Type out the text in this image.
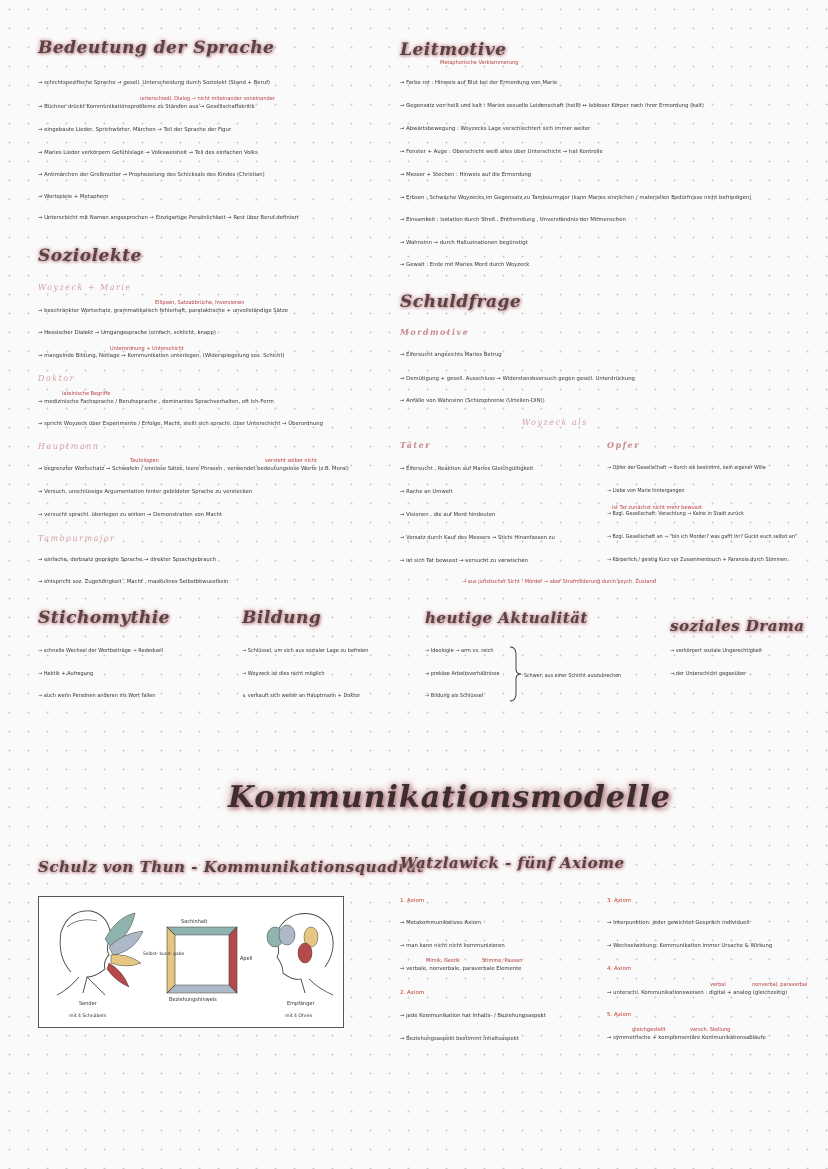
Bedeutung der Sprache
→ schichtspezifische Sprache → gesell. Unterscheidung durch Soziolekt (Stand + Beruf)
unterschiedl. Dialog → nicht miteinander voneinander
→ Büchner drückt Kommunikationsprobleme zu Ständen aus → Gesellschaftskritik
→ eingebaute Lieder, Sprichwörter, Märchen → Teil der Sprache der Figur
→ Maries Lieder verkörpern Gefühlslage → Volksweisheit → Teil des einfachen Volks
→ Antimärchen der Großmutter → Prophezeiung des Schicksals des Kindes (Christian)
→ Wortspiele + Metaphern
→ Unterschicht mit Namen angesprochen → Einzigartige Persönlichkeit → Rest über Beruf definiert
Soziolekte
Woyzeck + Marie
Ellipsen, Satzabbrüche, Inversionen
→ beschränkter Wortschatz, grammatikalisch fehlerhaft, parataktische + unvollständige Sätze
→ Hessischer Dialekt → Umgangssprache (einfach, schlicht, knapp)
Unterordnung + Unterschicht
→ mangelnde Bildung, Notlage → Kommunikation unterlegen, (Widerspiegelung soz. Schicht)
Doktor
lateinische Begriffe
→ medizinische Fachsprache / Berufssprache , dominantes Sprachverhalten, oft Ich-Form
→ spricht Woyzeck über Experimente / Erfolge, Macht, stellt sich sprachl. über Unterschicht → Überordnung
Hauptmann
Tautologien	versteht selber nicht
→ begrenzter Wortschatz → Schwafeln / sinnlose Sätze, leere Phrasen , verwendet bedeutungslose Worte (z.B. Moral)
→ Versuch, unschlüssige Argumentation hinter gebildeter Sprache zu verstecken
→ versucht sprachl. überlegen zu wirken → Demonstration von Macht
Tambourmajor
→ einfache, derbsatz geprägte Sprache → direkter Sprachgebrauch
→ entspricht soz. Zugehörigkeit , Macht , maskulines Selbstbewusstsein
Leitmotive
Metaphorische Verklammerung
→ Farbe rot : Hinweis auf Blut bei der Ermordung von Marie
→ Gegensatz von heiß und kalt : Maries sexuelle Leidenschaft (heiß) ↔ lebloser Körper nach ihrer Ermordung (kalt)
→ Abwärtsbewegung : Woyzecks Lage verschlechtert sich immer weiter
→ Fenster + Auge : Oberschicht weiß alles über Unterschicht → hat Kontrolle
→ Messer + Stechen : Hinweis auf die Ermordung
→ Erbsen : Schwäche Woyzecks im Gegensatz zu Tambourmajor (kann Maries sinnlichen / materiellen Bedürfnisse nicht befriedigen)
→ Einsamkeit : Isolation durch Streß , Entfremdung , Unverständnis der Mitmenschen
→ Wahnsinn → durch Halluzinationen begünstigt
→ Gewalt : Ende mit Maries Mord durch Woyzeck
Schuldfrage
Mordmotive
→ Eifersucht angesichts Maries Betrug
→ Demütigung + gesell. Ausschluss → Widerstandsversuch gegen gesell. Unterdrückung
→ Anfälle von Wahnsinn (Schizophrenie (Urteilen-DIN))
Woyzeck als
Täter
→ Eifersucht , Reaktion auf Maries Gleichgültigkeit
→ Rache an Umwelt
→ Visionen , die auf Mord hindeuten
→ Vorsatz durch Kauf des Messers → Stichi Hinanfassen zu
→ ist sich Tat bewusst → versucht zu verwischen
Opfer
→ Opfer der Gesellschaft → durch sie bestimmt, kein eigener Wille
→ Liebe von Marie hintergangen
ist Tat zunächst nicht mehr bewusst
→ Bzgl. Gesellschaft: Verachtung → Keine in Stadt zurück
→ Bzgl. Gesellschaft an → "bin ich Morder? was gafft ihr? Guckt euch selbst an"
→ Körperlich / geistig Kurz vor Zusammenbruch + Paranoia durch Stimmen
→ aus juristischer Sicht : Mörder → aber Strafmilderung durch psych. Zustand
Stichomythie
→ schnelle Wechsel der Wortbeiträge → Rededuell
→ Hektik + Aufregung
→ auch wenn Personen anderen ins Wort fallen
Bildung
→ Schlüssel, um sich aus sozialer Lage zu befreien
→ Woyzeck ist dies nicht möglich
↳ verkauft sich weiter an Hauptmann + Doktor
heutige Aktualität
→ Ideologie → arm vs. reich
→ prekäre Arbeitsverhältnisse
→ Bildung als Schlüssel
Schwer, aus einer Schicht auszubrechen
soziales Drama
→ verkörpert soziale Ungerechtigkeit
→ der Unterschicht gegenüber
Kommunikationsmodelle
Schulz von Thun - Kommunikationsquadrat
Sender
mit 4 Schnäbeln
Sachinhalt
Selbst- kund- gabe
Apell
Beziehungshinweis
Empfänger
mit 4 Ohren
Watzlawick - fünf Axiome
1. Axiom
→ Metakommunikatives Axiom
→ man kann nicht nicht kommunizieren
Mimik, Gestik	Stimme, Pausen
→ verbale, nonverbale, paraverbale Elemente
2. Axiom
→ jede Kommunikation hat Inhalts- / Beziehungsaspekt
→ Beziehungsaspekt bestimmt Inhaltsaspekt
3. Axiom
→ Interpunktion: jeder gewichtet Gespräch individuell
→ Wechselwirkung: Kommunikation immer Ursache & Wirkung
4. Axiom
verbal	nonverbal, paraverbal
→ unterschl. Kommunikationsweisen : digital + analog (gleichzeitig)
5. Axiom
gleichgestellt	versch. Stellung
→ symmetrische + komplementäre Kommunikationsabläufe
